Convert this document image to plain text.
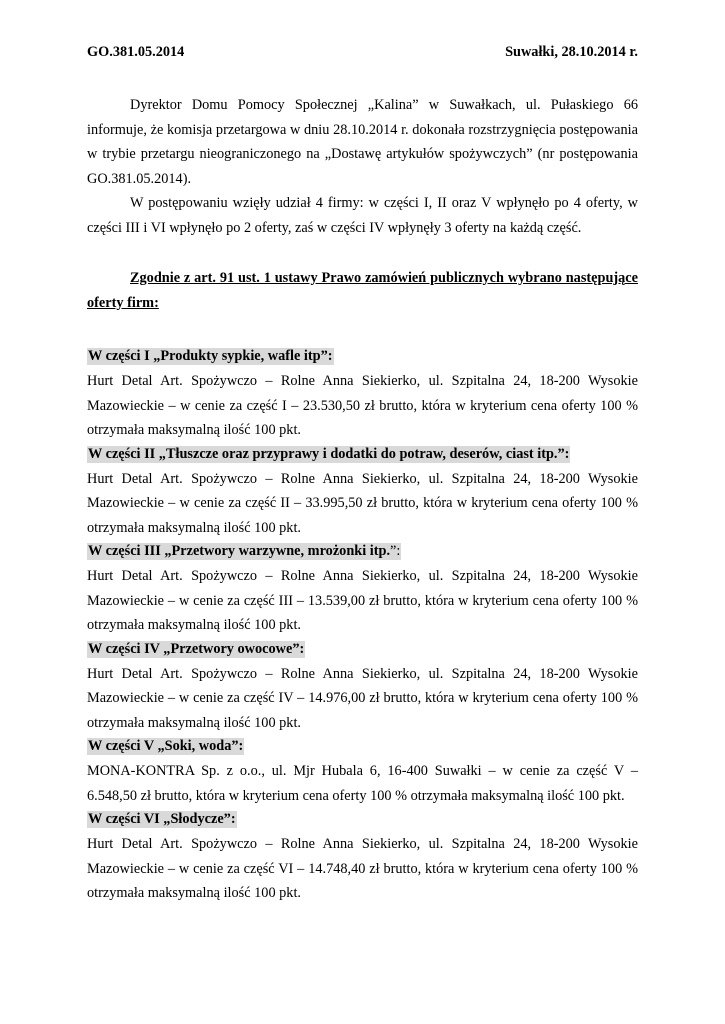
GO.381.05.2014	Suwałki, 28.10.2014 r.

Dyrektor Domu Pomocy Społecznej „Kalina” w Suwałkach, ul. Pułaskiego 66 informuje, że komisja przetargowa w dniu 28.10.2014 r. dokonała rozstrzygnięcia postępowania w trybie przetargu nieograniczonego na „Dostawę artykułów spożywczych” (nr postępowania GO.381.05.2014).

W postępowaniu wzięły udział 4 firmy: w części I, II oraz V wpłynęło po 4 oferty, w części III i VI wpłynęło po 2 oferty, zaś w części IV wpłynęły 3 oferty na każdą część.

Zgodnie z art. 91 ust. 1 ustawy Prawo zamówień publicznych wybrano następujące oferty firm:

W części I „Produkty sypkie, wafle itp”:

Hurt Detal Art. Spożywczo – Rolne Anna Siekierko, ul. Szpitalna 24, 18-200 Wysokie Mazowieckie – w cenie za część I – 23.530,50 zł brutto, która w kryterium cena oferty 100 % otrzymała maksymalną ilość 100 pkt.

W części II „Tłuszcze oraz przyprawy i dodatki do potraw, deserów, ciast itp.”:

Hurt Detal Art. Spożywczo – Rolne Anna Siekierko, ul. Szpitalna 24, 18-200 Wysokie Mazowieckie – w cenie za część II – 33.995,50 zł brutto, która w kryterium cena oferty 100 % otrzymała maksymalną ilość 100 pkt.

W części III „Przetwory warzywne, mrożonki itp.”:

Hurt Detal Art. Spożywczo – Rolne Anna Siekierko, ul. Szpitalna 24, 18-200 Wysokie Mazowieckie – w cenie za część III – 13.539,00 zł brutto, która w kryterium cena oferty 100 % otrzymała maksymalną ilość 100 pkt.

W części IV „Przetwory owocowe”:

Hurt Detal Art. Spożywczo – Rolne Anna Siekierko, ul. Szpitalna 24, 18-200 Wysokie Mazowieckie – w cenie za część IV – 14.976,00 zł brutto, która w kryterium cena oferty 100 % otrzymała maksymalną ilość 100 pkt.

W części V „Soki, woda”:

MONA-KONTRA Sp. z o.o., ul. Mjr Hubala 6, 16-400 Suwałki – w cenie za część V – 6.548,50 zł brutto, która w kryterium cena oferty 100 % otrzymała maksymalną ilość 100 pkt.

W części VI „Słodycze”:

Hurt Detal Art. Spożywczo – Rolne Anna Siekierko, ul. Szpitalna 24, 18-200 Wysokie Mazowieckie – w cenie za część VI – 14.748,40 zł brutto, która w kryterium cena oferty 100 % otrzymała maksymalną ilość 100 pkt.
